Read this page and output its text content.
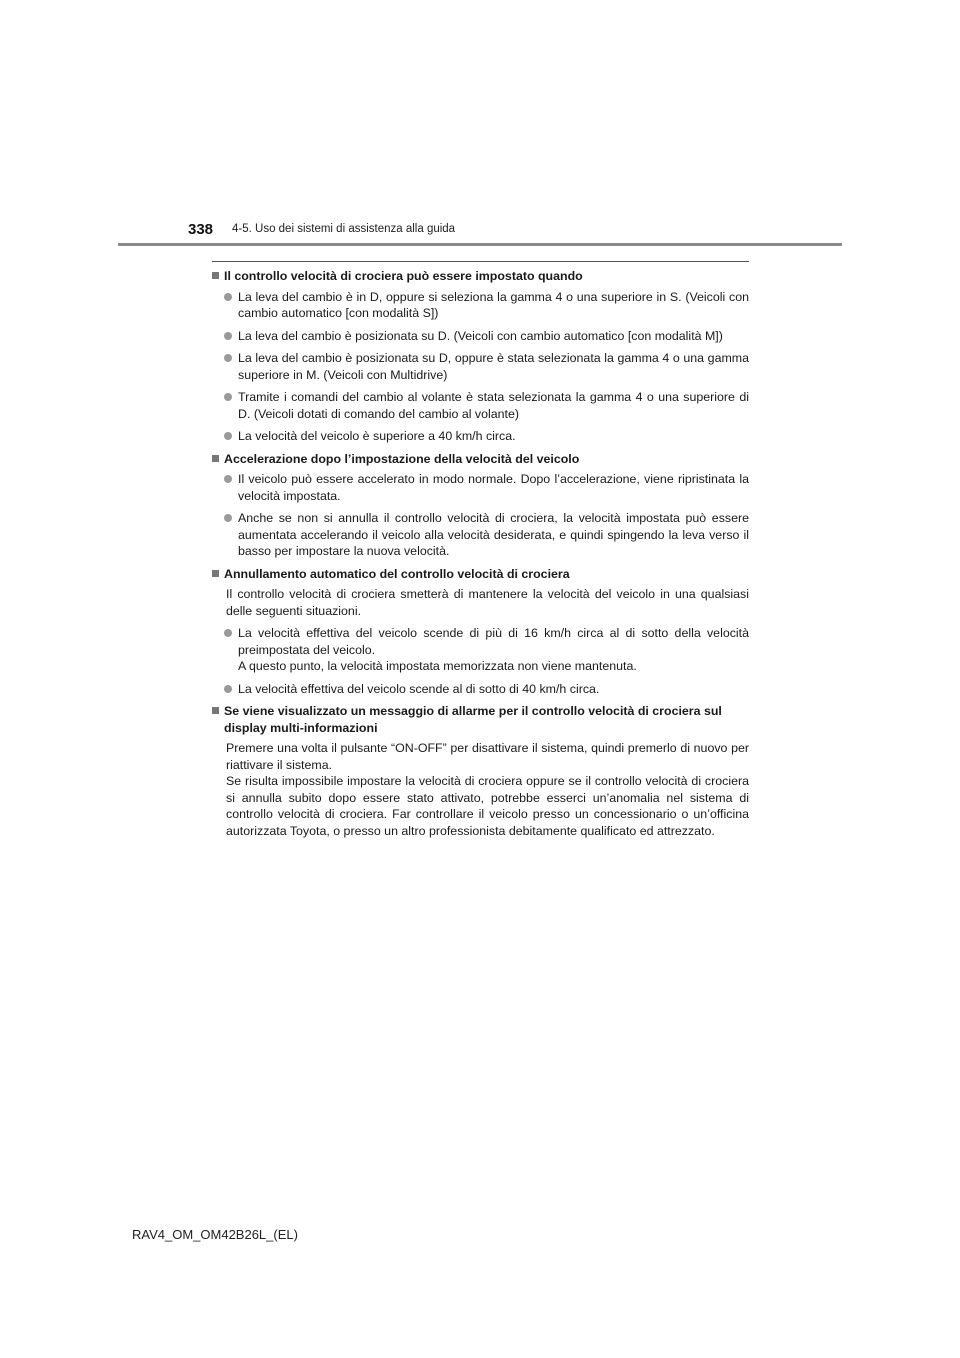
338 4-5. Uso dei sistemi di assistenza alla guida
Il controllo velocità di crociera può essere impostato quando
La leva del cambio è in D, oppure si seleziona la gamma 4 o una superiore in S. (Veicoli con cambio automatico [con modalità S])
La leva del cambio è posizionata su D. (Veicoli con cambio automatico [con modalità M])
La leva del cambio è posizionata su D, oppure è stata selezionata la gamma 4 o una gamma superiore in M. (Veicoli con Multidrive)
Tramite i comandi del cambio al volante è stata selezionata la gamma 4 o una superiore di D. (Veicoli dotati di comando del cambio al volante)
La velocità del veicolo è superiore a 40 km/h circa.
Accelerazione dopo l’impostazione della velocità del veicolo
Il veicolo può essere accelerato in modo normale. Dopo l’accelerazione, viene ripristinata la velocità impostata.
Anche se non si annulla il controllo velocità di crociera, la velocità impostata può essere aumentata accelerando il veicolo alla velocità desiderata, e quindi spingendo la leva verso il basso per impostare la nuova velocità.
Annullamento automatico del controllo velocità di crociera
Il controllo velocità di crociera smetterà di mantenere la velocità del veicolo in una qualsiasi delle seguenti situazioni.
La velocità effettiva del veicolo scende di più di 16 km/h circa al di sotto della velocità preimpostata del veicolo.
A questo punto, la velocità impostata memorizzata non viene mantenuta.
La velocità effettiva del veicolo scende al di sotto di 40 km/h circa.
Se viene visualizzato un messaggio di allarme per il controllo velocità di crociera sul display multi-informazioni
Premere una volta il pulsante “ON-OFF” per disattivare il sistema, quindi premerlo di nuovo per riattivare il sistema.
Se risulta impossibile impostare la velocità di crociera oppure se il controllo velocità di crociera si annulla subito dopo essere stato attivato, potrebbe esserci un’anomalia nel sistema di controllo velocità di crociera. Far controllare il veicolo presso un concessionario o un’officina autorizzata Toyota, o presso un altro professionista debitamente qualificato ed attrezzato.
RAV4_OM_OM42B26L_(EL)
